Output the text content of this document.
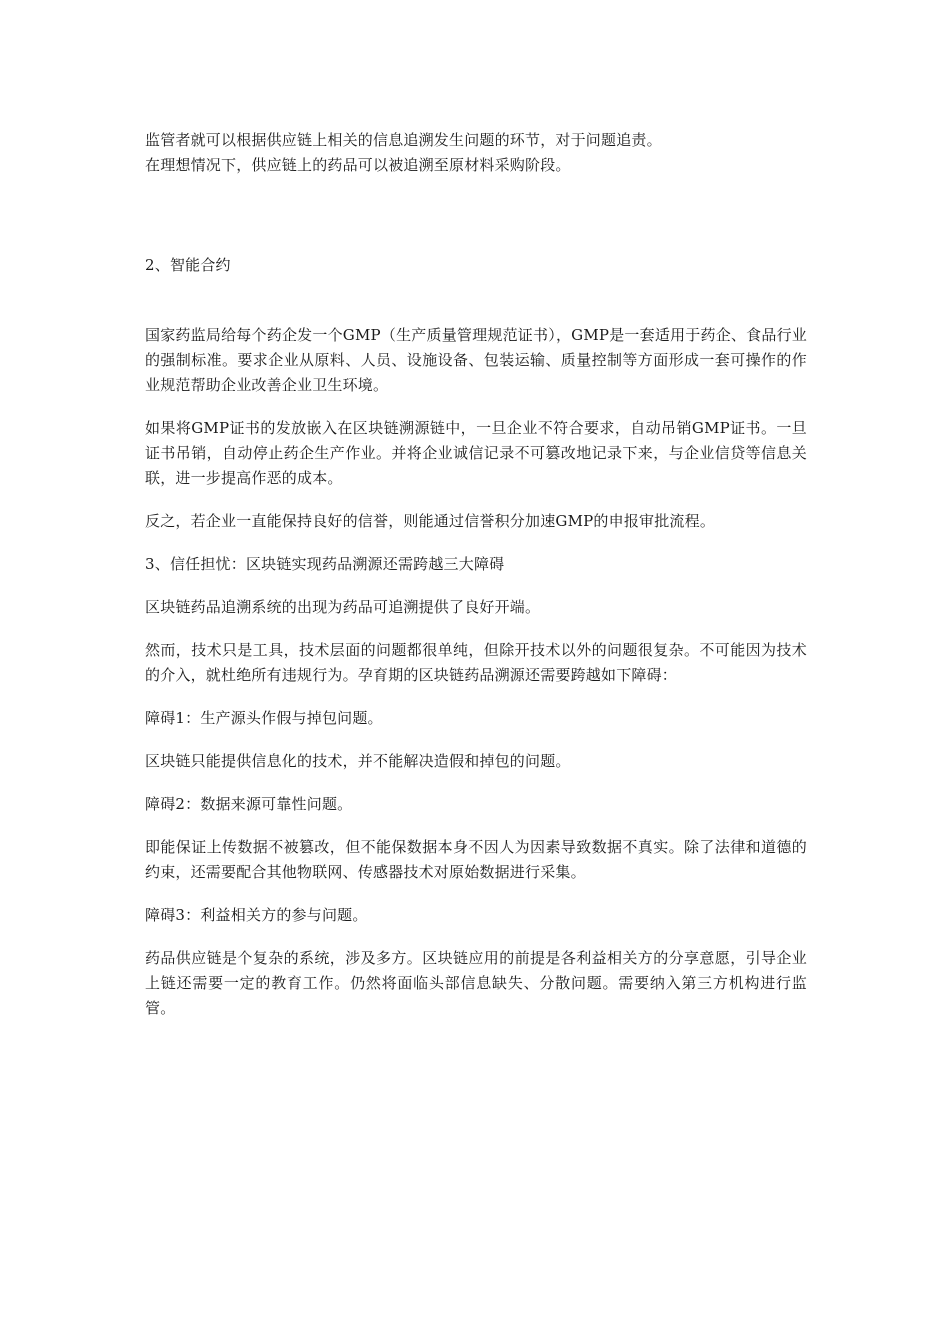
监管者就可以根据供应链上相关的信息追溯发生问题的环节，对于问题追责。

在理想情况下，供应链上的药品可以被追溯至原材料采购阶段。

2、智能合约

国家药监局给每个药企发一个GMP（生产质量管理规范证书），GMP是一套适用于药企、食品行业的强制标准。要求企业从原料、人员、设施设备、包装运输、质量控制等方面形成一套可操作的作业规范帮助企业改善企业卫生环境。

如果将GMP证书的发放嵌入在区块链溯源链中，一旦企业不符合要求，自动吊销GMP证书。一旦证书吊销，自动停止药企生产作业。并将企业诚信记录不可篡改地记录下来，与企业信贷等信息关联，进一步提高作恶的成本。

反之，若企业一直能保持良好的信誉，则能通过信誉积分加速GMP的申报审批流程。

3、信任担忧：区块链实现药品溯源还需跨越三大障碍

区块链药品追溯系统的出现为药品可追溯提供了良好开端。

然而，技术只是工具，技术层面的问题都很单纯，但除开技术以外的问题很复杂。不可能因为技术的介入，就杜绝所有违规行为。孕育期的区块链药品溯源还需要跨越如下障碍：

障碍1：生产源头作假与掉包问题。

区块链只能提供信息化的技术，并不能解决造假和掉包的问题。

障碍2：数据来源可靠性问题。

即能保证上传数据不被篡改，但不能保数据本身不因人为因素导致数据不真实。除了法律和道德的约束，还需要配合其他物联网、传感器技术对原始数据进行采集。

障碍3：利益相关方的参与问题。

药品供应链是个复杂的系统，涉及多方。区块链应用的前提是各利益相关方的分享意愿，引导企业上链还需要一定的教育工作。仍然将面临头部信息缺失、分散问题。需要纳入第三方机构进行监管。
